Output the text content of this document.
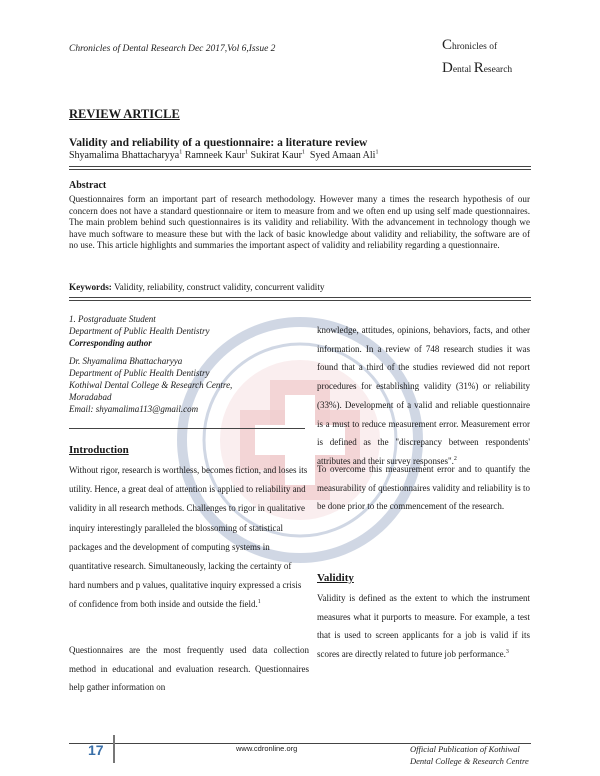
Chronicles of Dental Research Dec 2017,Vol 6,Issue 2	Chronicles of
Dental Research
REVIEW ARTICLE
Validity and reliability of a questionnaire: a literature review
Shyamalima Bhattacharyya$^1$ Ramneek Kaur$^1$ Sukirat Kaur$^1$ Syed Amaan Ali$^1$
Abstract
Questionnaires form an important part of research methodology. However many a times the research hypothesis of our concern does not have a standard questionnaire or item to measure from and we often end up using self made questionnaires. The main problem behind such questionnaires is its validity and reliability. With the advancement in technology though we have much software to measure these but with the lack of basic knowledge about validity and reliability, the software are of no use. This article highlights and summaries the important aspect of validity and reliability regarding a questionnaire.
Keywords: Validity, reliability, construct validity, concurrent validity
1. Postgraduate Student
Department of Public Health Dentistry
Corresponding author
Dr. Shyamalima Bhattacharyya
Department of Public Health Dentistry
Kothiwal Dental College & Research Centre,
Moradabad
Email: shyamalima113@gmail.com
Introduction
Without rigor, research is worthless, becomes fiction, and loses its utility. Hence, a great deal of attention is applied to reliability and validity in all research methods. Challenges to rigor in qualitative inquiry interestingly paralleled the blossoming of statistical packages and the development of computing systems in quantitative research. Simultaneously, lacking the certainty of hard numbers and p values, qualitative inquiry expressed a crisis of confidence from both inside and outside the field.$^1$
Questionnaires are the most frequently used data collection method in educational and evaluation research. Questionnaires help gather information on
knowledge, attitudes, opinions, behaviors, facts, and other information. In a review of 748 research studies it was found that a third of the studies reviewed did not report procedures for establishing validity (31%) or reliability (33%). Development of a valid and reliable questionnaire is a must to reduce measurement error. Measurement error is defined as the "discrepancy between respondents' attributes and their survey responses".$^2$
To overcome this measurement error and to quantify the measurability of questionnaires validity and reliability is to be done prior to the commencement of the research.
Validity
Validity is defined as the extent to which the instrument measures what it purports to measure. For example, a test that is used to screen applicants for a job is valid if its scores are directly related to future job performance.$^3$
17	www.cdronline.org	Official Publication of Kothiwal
Dental College & Research Centre
